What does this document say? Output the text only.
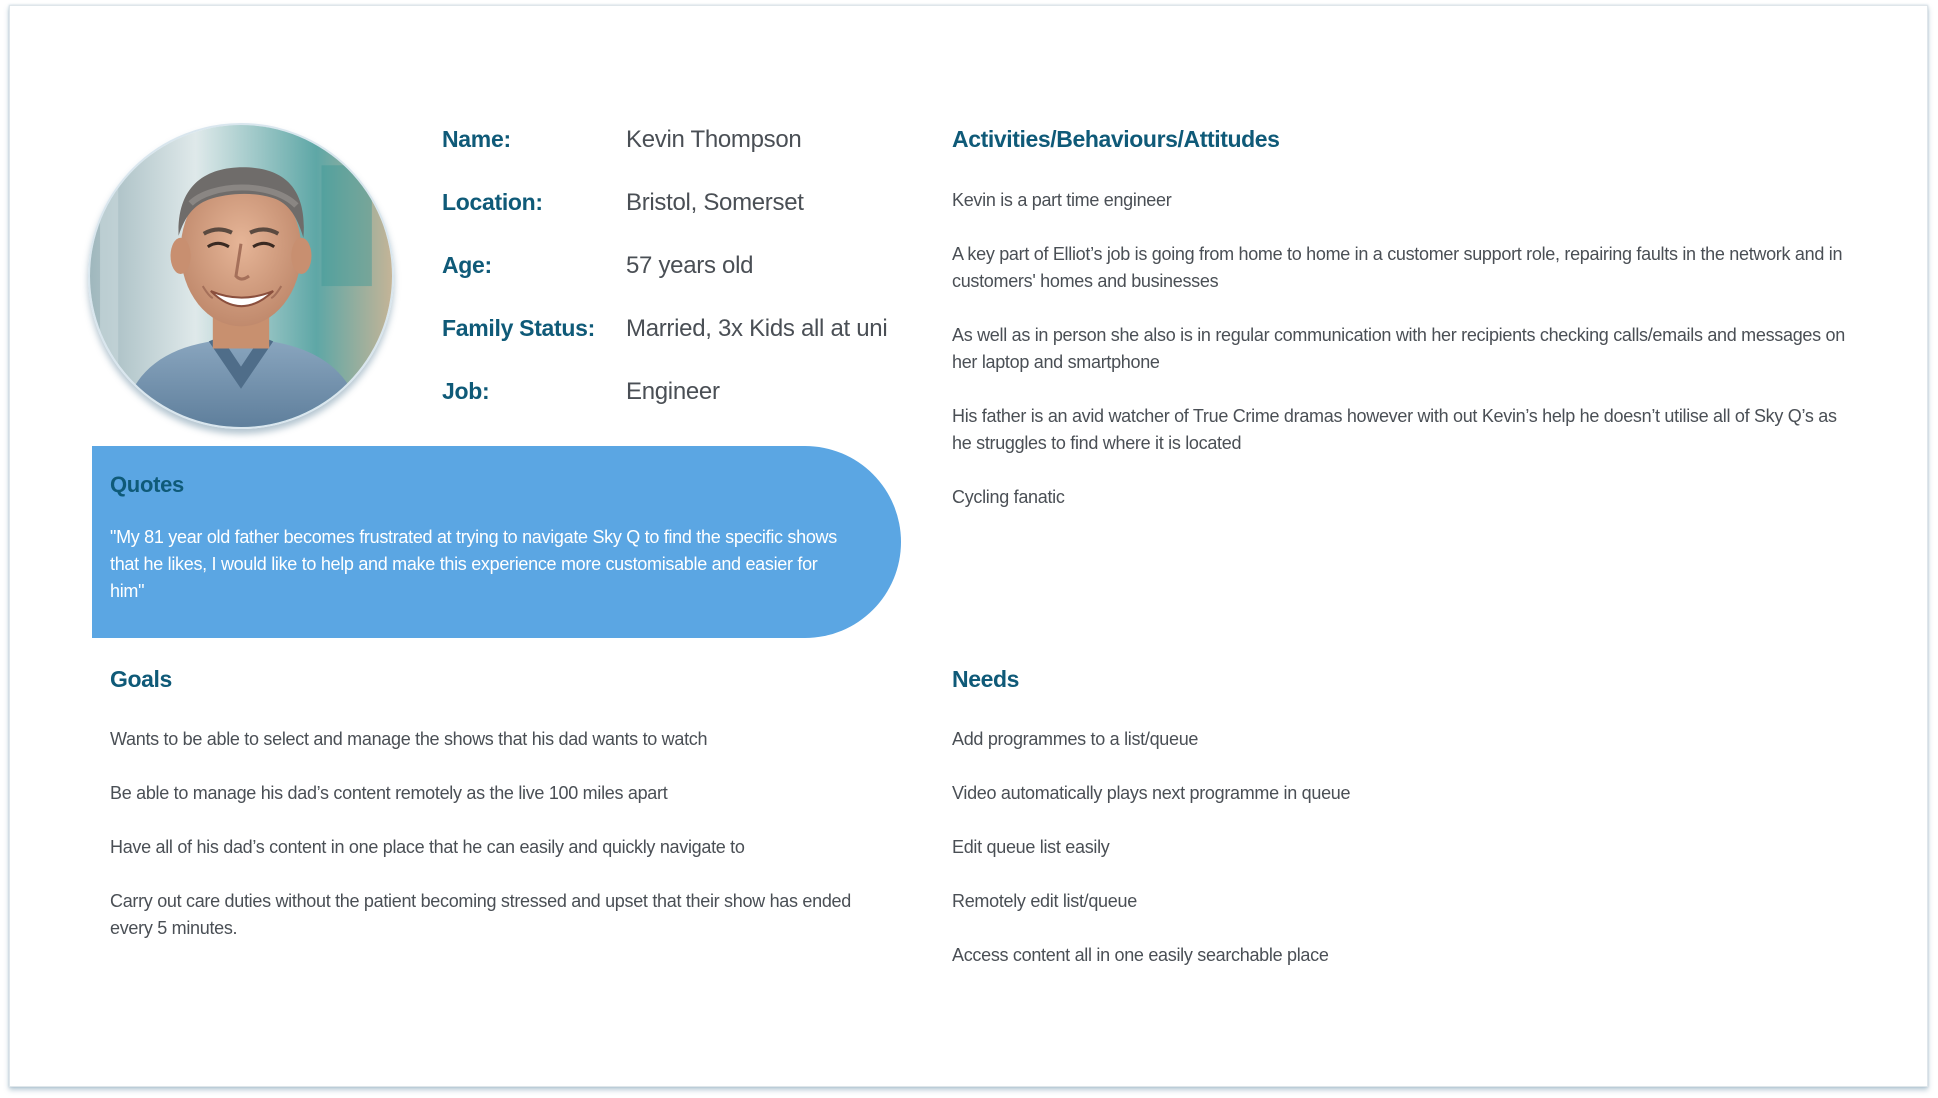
Name:	Kevin Thompson
Location:	Bristol, Somerset
Age:	57 years old
Family Status: Married, 3x Kids all at uni
Job:	Engineer
Quotes
"My 81 year old father becomes frustrated at trying to navigate Sky Q to find the specific shows that he likes, I would like to help and make this experience more customisable and easier for him"
Activities/Behaviours/Attitudes
Kevin is a part time engineer
A key part of Elliot’s job is going from home to home in a customer support role, repairing faults in the network and in customers' homes and businesses
As well as in person she also is in regular communication with her recipients checking calls/emails and messages on her laptop and smartphone
His father is an avid watcher of True Crime dramas however with out Kevin’s help he doesn’t utilise all of Sky Q’s as he struggles to find where it is located
Cycling fanatic
Goals
Wants to be able to select and manage the shows that his dad wants to watch
Be able to manage his dad’s content remotely as the live 100 miles apart
Have all of his dad’s content in one place that he can easily and quickly navigate to
Carry out care duties without the patient becoming stressed and upset that their show has ended every 5 minutes.
Needs
Add programmes to a list/queue
Video automatically plays next programme in queue
Edit queue list easily
Remotely edit list/queue
Access content all in one easily searchable place
